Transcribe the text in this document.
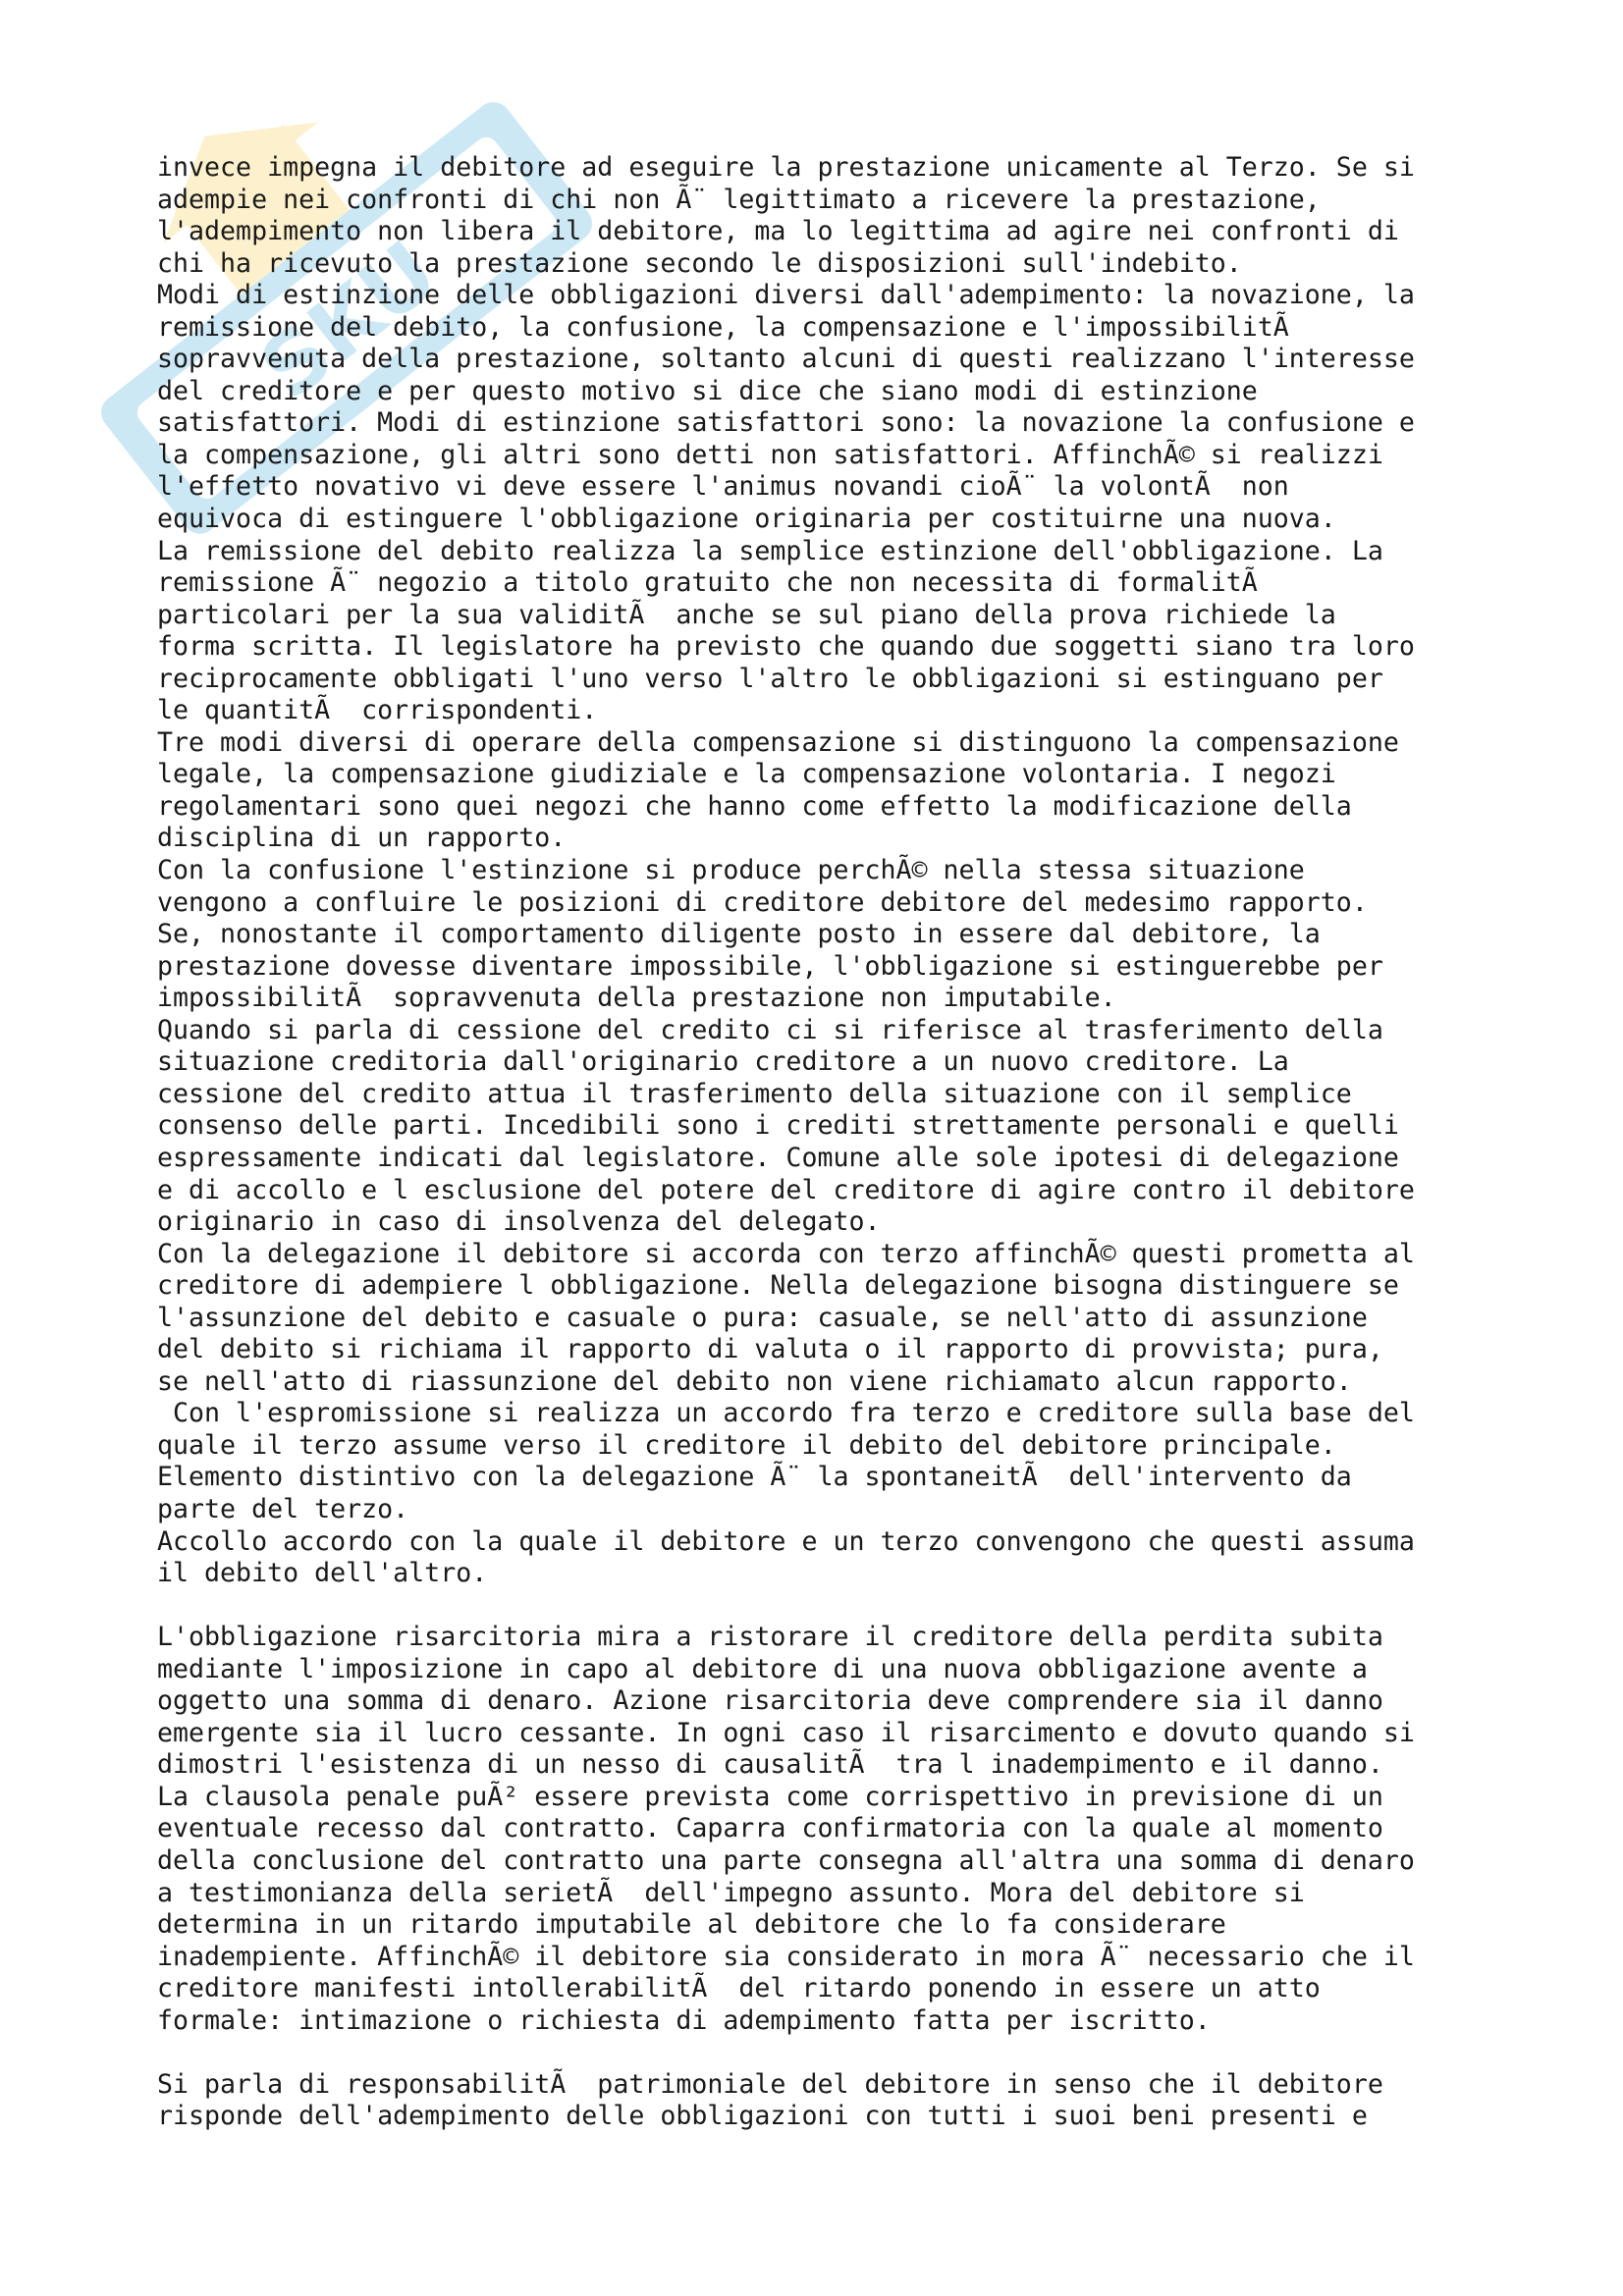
SKU
invece impegna il debitore ad eseguire la prestazione unicamente al Terzo. Se si
adempie nei confronti di chi non Ã¨ legittimato a ricevere la prestazione,
l'adempimento non libera il debitore, ma lo legittima ad agire nei confronti di
chi ha ricevuto la prestazione secondo le disposizioni sull'indebito.
Modi di estinzione delle obbligazioni diversi dall'adempimento: la novazione, la
remissione del debito, la confusione, la compensazione e l'impossibilitÃ
sopravvenuta della prestazione, soltanto alcuni di questi realizzano l'interesse
del creditore e per questo motivo si dice che siano modi di estinzione
satisfattori. Modi di estinzione satisfattori sono: la novazione la confusione e
la compensazione, gli altri sono detti non satisfattori. AffinchÃ© si realizzi
l'effetto novativo vi deve essere l'animus novandi cioÃ¨ la volontÃ  non
equivoca di estinguere l'obbligazione originaria per costituirne una nuova.
La remissione del debito realizza la semplice estinzione dell'obbligazione. La
remissione Ã¨ negozio a titolo gratuito che non necessita di formalitÃ
particolari per la sua validitÃ  anche se sul piano della prova richiede la
forma scritta. Il legislatore ha previsto che quando due soggetti siano tra loro
reciprocamente obbligati l'uno verso l'altro le obbligazioni si estinguano per
le quantitÃ  corrispondenti.
Tre modi diversi di operare della compensazione si distinguono la compensazione
legale, la compensazione giudiziale e la compensazione volontaria. I negozi
regolamentari sono quei negozi che hanno come effetto la modificazione della
disciplina di un rapporto.
Con la confusione l'estinzione si produce perchÃ© nella stessa situazione
vengono a confluire le posizioni di creditore debitore del medesimo rapporto.
Se, nonostante il comportamento diligente posto in essere dal debitore, la
prestazione dovesse diventare impossibile, l'obbligazione si estinguerebbe per
impossibilitÃ  sopravvenuta della prestazione non imputabile.
Quando si parla di cessione del credito ci si riferisce al trasferimento della
situazione creditoria dall'originario creditore a un nuovo creditore. La
cessione del credito attua il trasferimento della situazione con il semplice
consenso delle parti. Incedibili sono i crediti strettamente personali e quelli
espressamente indicati dal legislatore. Comune alle sole ipotesi di delegazione
e di accollo e l esclusione del potere del creditore di agire contro il debitore
originario in caso di insolvenza del delegato.
Con la delegazione il debitore si accorda con terzo affinchÃ© questi prometta al
creditore di adempiere l obbligazione. Nella delegazione bisogna distinguere se
l'assunzione del debito e casuale o pura: casuale, se nell'atto di assunzione
del debito si richiama il rapporto di valuta o il rapporto di provvista; pura,
se nell'atto di riassunzione del debito non viene richiamato alcun rapporto.
Con l'espromissione si realizza un accordo fra terzo e creditore sulla base del
quale il terzo assume verso il creditore il debito del debitore principale.
Elemento distintivo con la delegazione Ã¨ la spontaneitÃ  dell'intervento da
parte del terzo.
Accollo accordo con la quale il debitore e un terzo convengono che questi assuma
il debito dell'altro.
L'obbligazione risarcitoria mira a ristorare il creditore della perdita subita
mediante l'imposizione in capo al debitore di una nuova obbligazione avente a
oggetto una somma di denaro. Azione risarcitoria deve comprendere sia il danno
emergente sia il lucro cessante. In ogni caso il risarcimento e dovuto quando si
dimostri l'esistenza di un nesso di causalitÃ  tra l inadempimento e il danno.
La clausola penale puÃ² essere prevista come corrispettivo in previsione di un
eventuale recesso dal contratto. Caparra confirmatoria con la quale al momento
della conclusione del contratto una parte consegna all'altra una somma di denaro
a testimonianza della serietÃ  dell'impegno assunto. Mora del debitore si
determina in un ritardo imputabile al debitore che lo fa considerare
inadempiente. AffinchÃ© il debitore sia considerato in mora Ã¨ necessario che il
creditore manifesti intollerabilitÃ  del ritardo ponendo in essere un atto
formale: intimazione o richiesta di adempimento fatta per iscritto.
Si parla di responsabilitÃ  patrimoniale del debitore in senso che il debitore
risponde dell'adempimento delle obbligazioni con tutti i suoi beni presenti e
